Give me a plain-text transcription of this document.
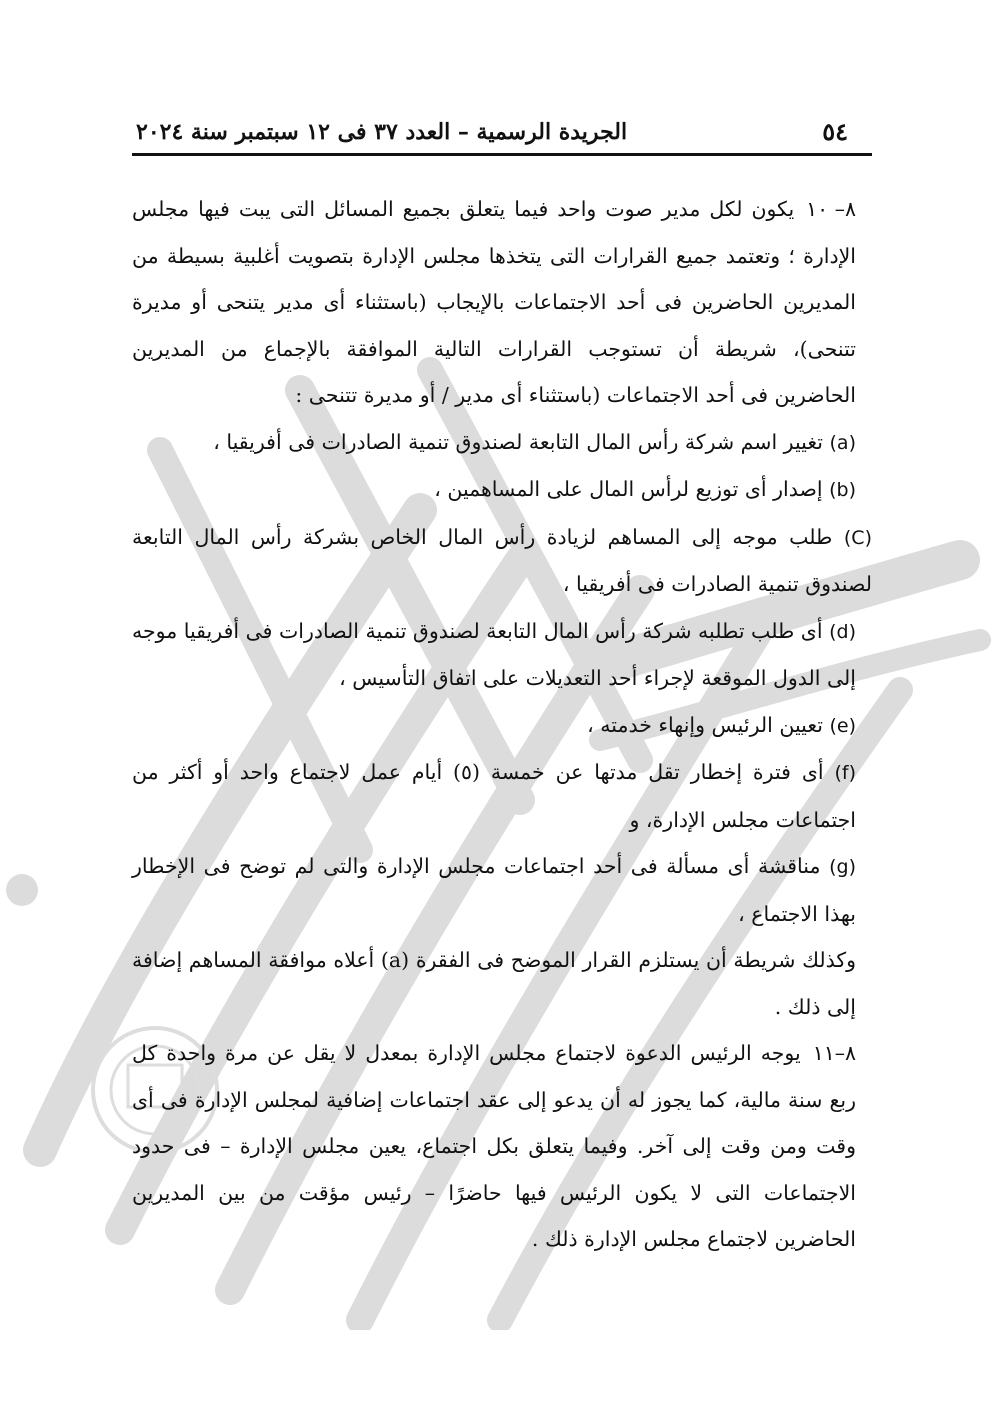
٥٤
الجريدة الرسمية – العدد ٣٧ فى ١٢ سبتمبر سنة ٢٠٢٤

٨– ١٠يكون لكل مدير صوت واحد فيما يتعلق بجميع المسائل التى يبت فيها مجلس الإدارة ؛ وتعتمد جميع القرارات التى يتخذها مجلس الإدارة بتصويت أغلبية بسيطة من المديرين الحاضرين فى أحد الاجتماعات بالإيجاب (باستثناء أى مدير يتنحى أو مديرة تتنحى)، شريطة أن تستوجب القرارات التالية الموافقة بالإجماع من المديرين الحاضرين فى أحد الاجتماعات (باستثناء أى مدير / أو مديرة تتنحى :

(a) تغيير اسم شركة رأس المال التابعة لصندوق تنمية الصادرات فى أفريقيا ،

(b) إصدار أى توزيع لرأس المال على المساهمين ،

(C) طلب موجه إلى المساهم لزيادة رأس المال الخاص بشركة رأس المال التابعة لصندوق تنمية الصادرات فى أفريقيا ،

(d) أى طلب تطلبه شركة رأس المال التابعة لصندوق تنمية الصادرات فى أفريقيا موجه إلى الدول الموقعة لإجراء أحد التعديلات على اتفاق التأسيس ،

(e) تعيين الرئيس وإنهاء خدمته ،

(f) أى فترة إخطار تقل مدتها عن خمسة (٥) أيام عمل لاجتماع واحد أو أكثر من اجتماعات مجلس الإدارة، و

(g) مناقشة أى مسألة فى أحد اجتماعات مجلس الإدارة والتى لم توضح فى الإخطار بهذا الاجتماع ،

وكذلك شريطة أن يستلزم القرار الموضح فى الفقرة (a) أعلاه موافقة المساهم إضافة إلى ذلك .

٨–١١يوجه الرئيس الدعوة لاجتماع مجلس الإدارة بمعدل لا يقل عن مرة واحدة كل ربع سنة مالية، كما يجوز له أن يدعو إلى عقد اجتماعات إضافية لمجلس الإدارة فى أى وقت ومن وقت إلى آخر. وفيما يتعلق بكل اجتماع، يعين مجلس الإدارة – فى حدود الاجتماعات التى لا يكون الرئيس فيها حاضرًا – رئيس مؤقت من بين المديرين الحاضرين لاجتماع مجلس الإدارة ذلك .
